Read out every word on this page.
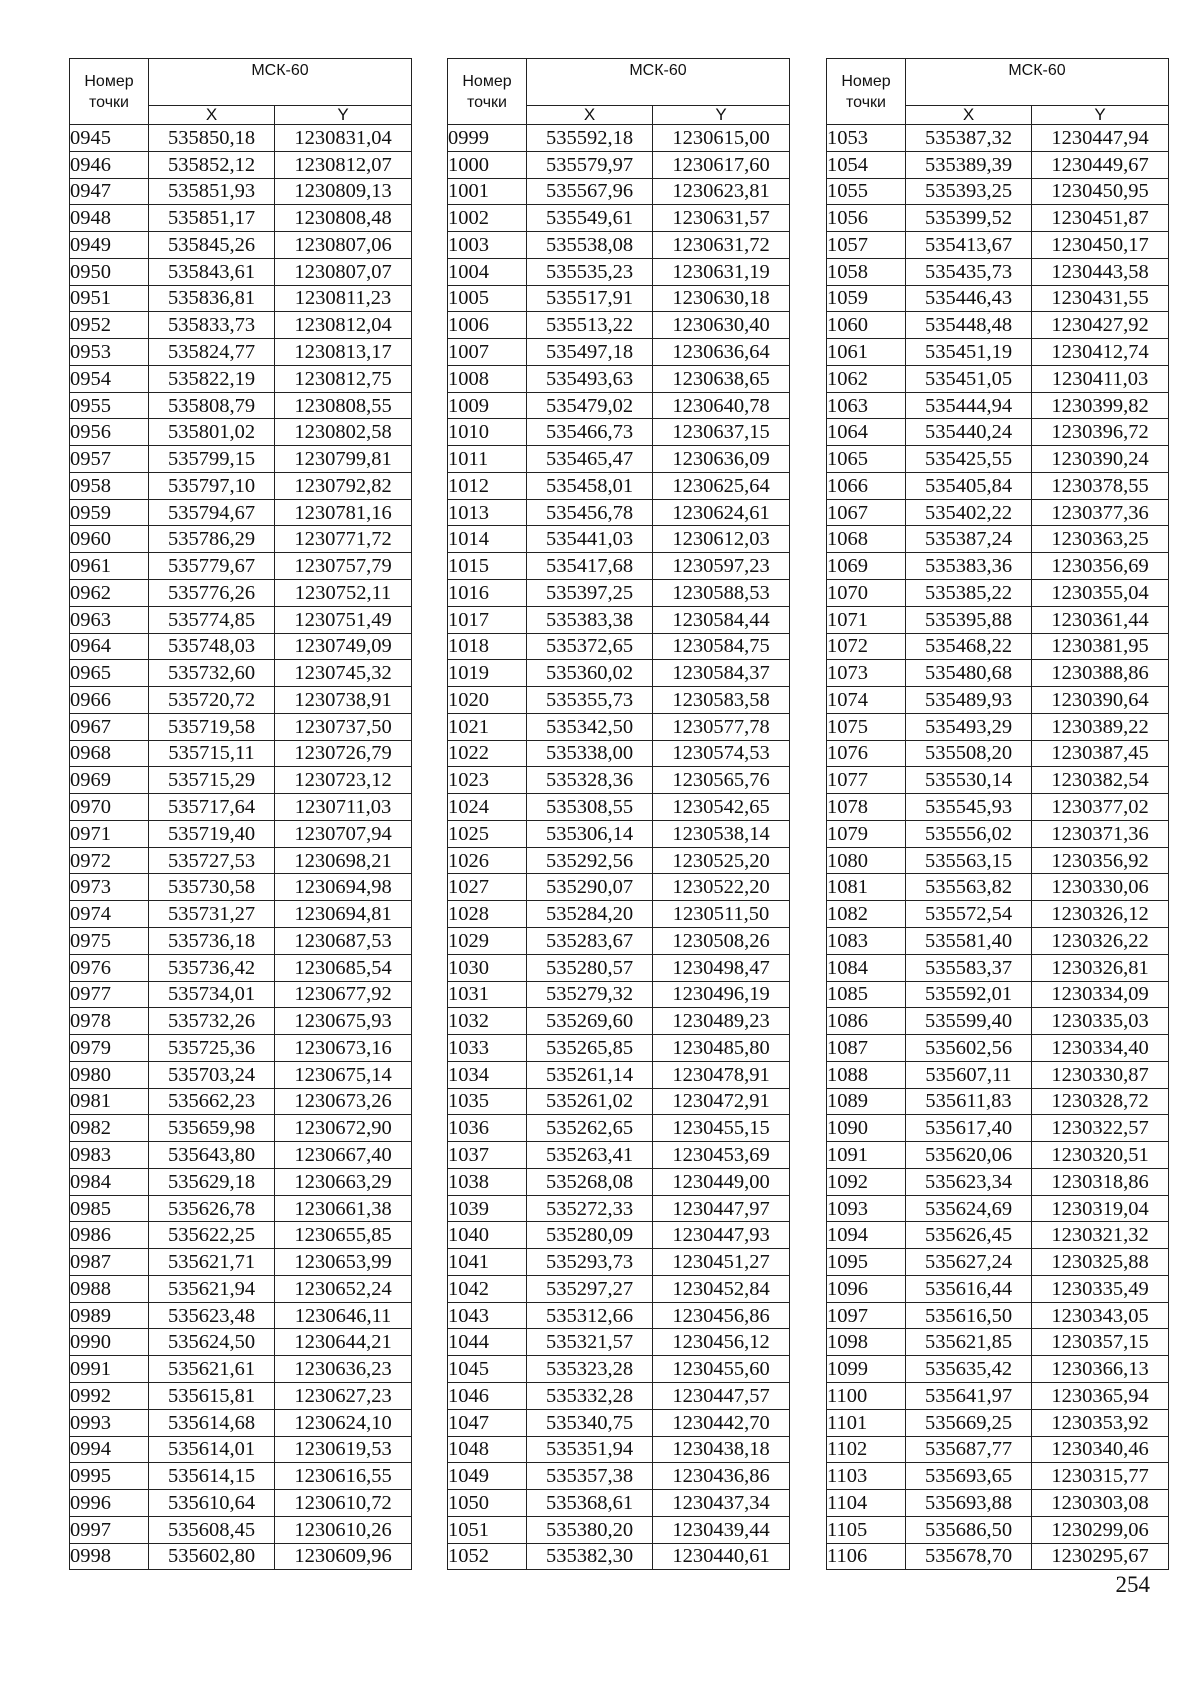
Номер точки	МСК-60	
	X	Y
0945	535850,18	1230831,04
0946	535852,12	1230812,07
0947	535851,93	1230809,13
0948	535851,17	1230808,48
0949	535845,26	1230807,06
0950	535843,61	1230807,07
0951	535836,81	1230811,23
0952	535833,73	1230812,04
0953	535824,77	1230813,17
0954	535822,19	1230812,75
0955	535808,79	1230808,55
0956	535801,02	1230802,58
0957	535799,15	1230799,81
0958	535797,10	1230792,82
0959	535794,67	1230781,16
0960	535786,29	1230771,72
0961	535779,67	1230757,79
0962	535776,26	1230752,11
0963	535774,85	1230751,49
0964	535748,03	1230749,09
0965	535732,60	1230745,32
0966	535720,72	1230738,91
0967	535719,58	1230737,50
0968	535715,11	1230726,79
0969	535715,29	1230723,12
0970	535717,64	1230711,03
0971	535719,40	1230707,94
0972	535727,53	1230698,21
0973	535730,58	1230694,98
0974	535731,27	1230694,81
0975	535736,18	1230687,53
0976	535736,42	1230685,54
0977	535734,01	1230677,92
0978	535732,26	1230675,93
0979	535725,36	1230673,16
0980	535703,24	1230675,14
0981	535662,23	1230673,26
0982	535659,98	1230672,90
0983	535643,80	1230667,40
0984	535629,18	1230663,29
0985	535626,78	1230661,38
0986	535622,25	1230655,85
0987	535621,71	1230653,99
0988	535621,94	1230652,24
0989	535623,48	1230646,11
0990	535624,50	1230644,21
0991	535621,61	1230636,23
0992	535615,81	1230627,23
0993	535614,68	1230624,10
0994	535614,01	1230619,53
0995	535614,15	1230616,55
0996	535610,64	1230610,72
0997	535608,45	1230610,26
0998	535602,80	1230609,96
Номер точки	МСК-60	
	X	Y
0999	535592,18	1230615,00
1000	535579,97	1230617,60
1001	535567,96	1230623,81
1002	535549,61	1230631,57
1003	535538,08	1230631,72
1004	535535,23	1230631,19
1005	535517,91	1230630,18
1006	535513,22	1230630,40
1007	535497,18	1230636,64
1008	535493,63	1230638,65
1009	535479,02	1230640,78
1010	535466,73	1230637,15
1011	535465,47	1230636,09
1012	535458,01	1230625,64
1013	535456,78	1230624,61
1014	535441,03	1230612,03
1015	535417,68	1230597,23
1016	535397,25	1230588,53
1017	535383,38	1230584,44
1018	535372,65	1230584,75
1019	535360,02	1230584,37
1020	535355,73	1230583,58
1021	535342,50	1230577,78
1022	535338,00	1230574,53
1023	535328,36	1230565,76
1024	535308,55	1230542,65
1025	535306,14	1230538,14
1026	535292,56	1230525,20
1027	535290,07	1230522,20
1028	535284,20	1230511,50
1029	535283,67	1230508,26
1030	535280,57	1230498,47
1031	535279,32	1230496,19
1032	535269,60	1230489,23
1033	535265,85	1230485,80
1034	535261,14	1230478,91
1035	535261,02	1230472,91
1036	535262,65	1230455,15
1037	535263,41	1230453,69
1038	535268,08	1230449,00
1039	535272,33	1230447,97
1040	535280,09	1230447,93
1041	535293,73	1230451,27
1042	535297,27	1230452,84
1043	535312,66	1230456,86
1044	535321,57	1230456,12
1045	535323,28	1230455,60
1046	535332,28	1230447,57
1047	535340,75	1230442,70
1048	535351,94	1230438,18
1049	535357,38	1230436,86
1050	535368,61	1230437,34
1051	535380,20	1230439,44
1052	535382,30	1230440,61
Номер точки	МСК-60	
	X	Y
1053	535387,32	1230447,94
1054	535389,39	1230449,67
1055	535393,25	1230450,95
1056	535399,52	1230451,87
1057	535413,67	1230450,17
1058	535435,73	1230443,58
1059	535446,43	1230431,55
1060	535448,48	1230427,92
1061	535451,19	1230412,74
1062	535451,05	1230411,03
1063	535444,94	1230399,82
1064	535440,24	1230396,72
1065	535425,55	1230390,24
1066	535405,84	1230378,55
1067	535402,22	1230377,36
1068	535387,24	1230363,25
1069	535383,36	1230356,69
1070	535385,22	1230355,04
1071	535395,88	1230361,44
1072	535468,22	1230381,95
1073	535480,68	1230388,86
1074	535489,93	1230390,64
1075	535493,29	1230389,22
1076	535508,20	1230387,45
1077	535530,14	1230382,54
1078	535545,93	1230377,02
1079	535556,02	1230371,36
1080	535563,15	1230356,92
1081	535563,82	1230330,06
1082	535572,54	1230326,12
1083	535581,40	1230326,22
1084	535583,37	1230326,81
1085	535592,01	1230334,09
1086	535599,40	1230335,03
1087	535602,56	1230334,40
1088	535607,11	1230330,87
1089	535611,83	1230328,72
1090	535617,40	1230322,57
1091	535620,06	1230320,51
1092	535623,34	1230318,86
1093	535624,69	1230319,04
1094	535626,45	1230321,32
1095	535627,24	1230325,88
1096	535616,44	1230335,49
1097	535616,50	1230343,05
1098	535621,85	1230357,15
1099	535635,42	1230366,13
1100	535641,97	1230365,94
1101	535669,25	1230353,92
1102	535687,77	1230340,46
1103	535693,65	1230315,77
1104	535693,88	1230303,08
1105	535686,50	1230299,06
1106	535678,70	1230295,67
254
